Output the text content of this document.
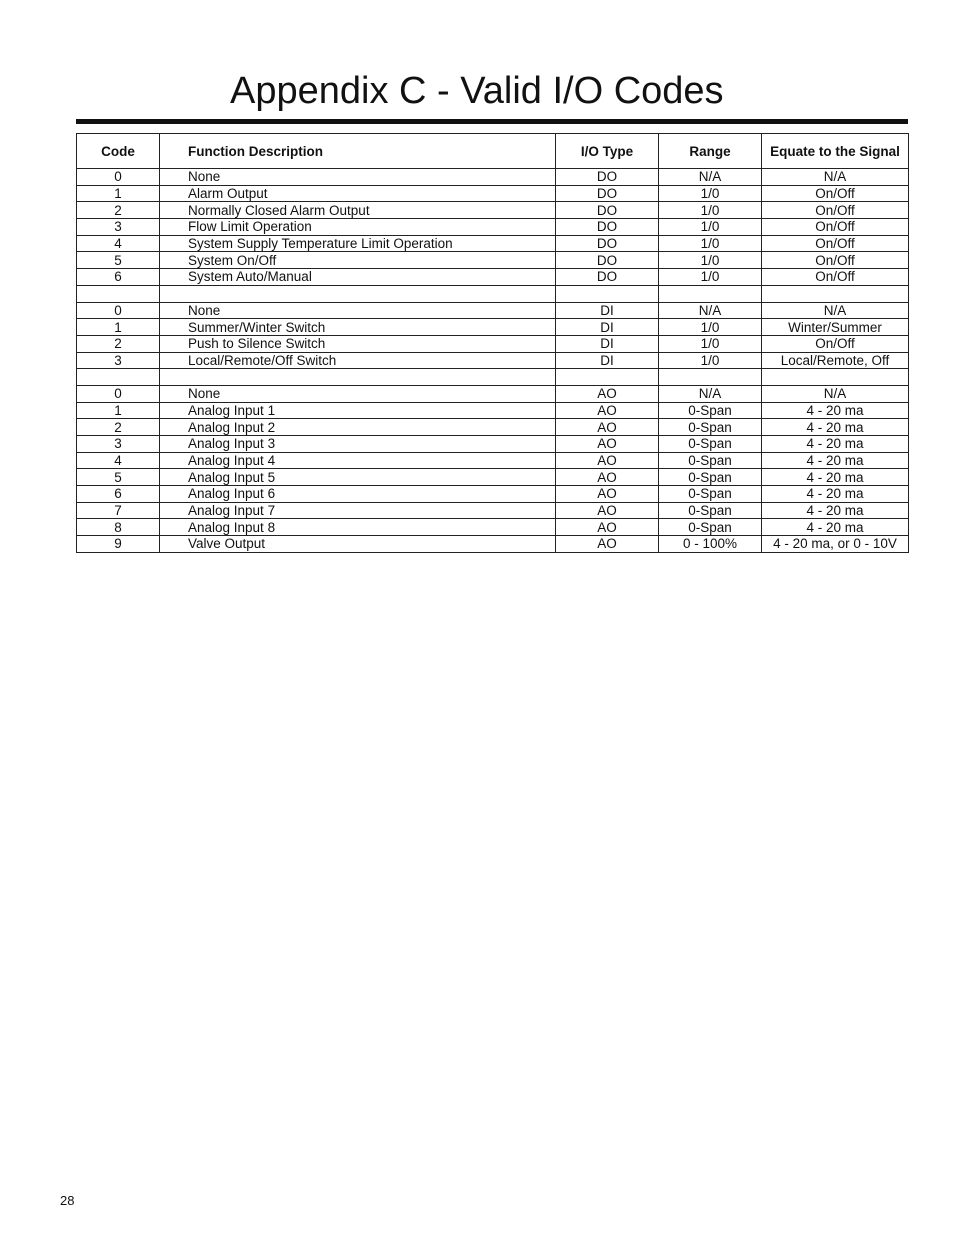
Appendix C - Valid I/O Codes
Code	Function Description	I/O Type	Range	Equate to the Signal
0	None	DO	N/A	N/A
1	Alarm Output	DO	1/0	On/Off
2	Normally Closed Alarm Output	DO	1/0	On/Off
3	Flow Limit Operation	DO	1/0	On/Off
4	System Supply Temperature Limit Operation	DO	1/0	On/Off
5	System On/Off	DO	1/0	On/Off
6	System Auto/Manual	DO	1/0	On/Off

0	None	DI	N/A	N/A
1	Summer/Winter Switch	DI	1/0	Winter/Summer
2	Push to Silence Switch	DI	1/0	On/Off
3	Local/Remote/Off Switch	DI	1/0	Local/Remote, Off

0	None	AO	N/A	N/A
1	Analog Input 1	AO	0-Span	4 - 20 ma
2	Analog Input 2	AO	0-Span	4 - 20 ma
3	Analog Input 3	AO	0-Span	4 - 20 ma
4	Analog Input 4	AO	0-Span	4 - 20 ma
5	Analog Input 5	AO	0-Span	4 - 20 ma
6	Analog Input 6	AO	0-Span	4 - 20 ma
7	Analog Input 7	AO	0-Span	4 - 20 ma
8	Analog Input 8	AO	0-Span	4 - 20 ma
9	Valve Output	AO	0 - 100%	4 - 20 ma, or 0 - 10V
28
